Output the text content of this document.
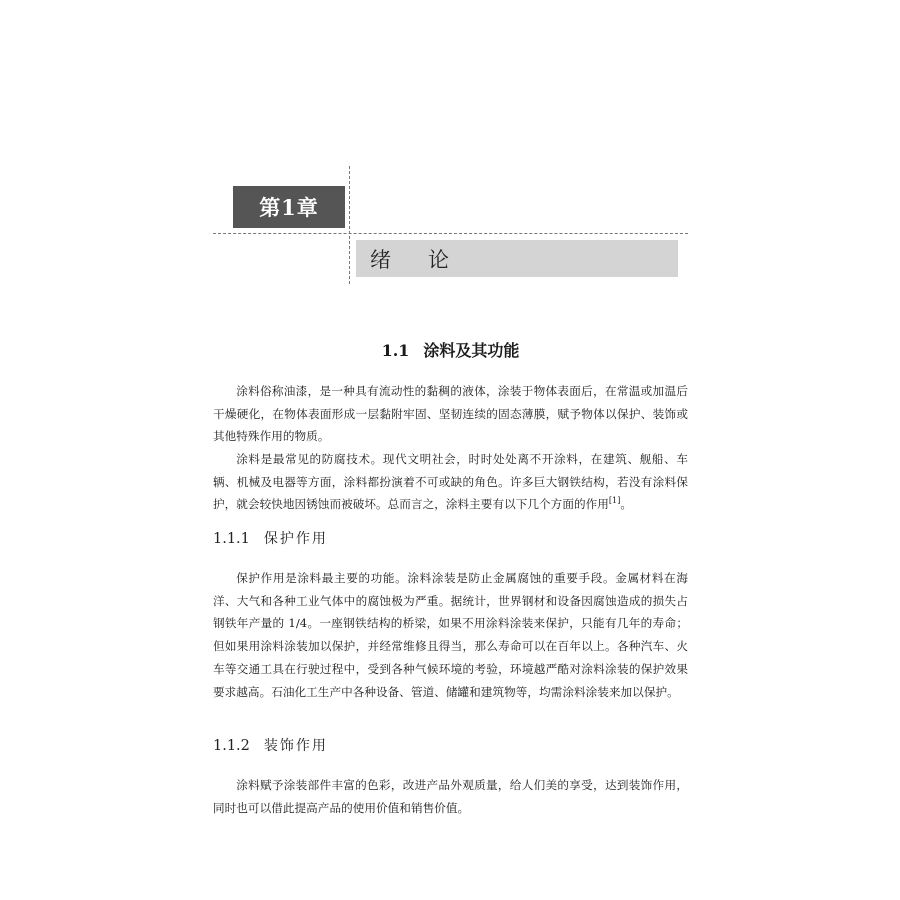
第1章
绪 论
1.1 涂料及其功能

涂料俗称油漆，是一种具有流动性的黏稠的液体，涂装于物体表面后，在常温或加温后干燥硬化，在物体表面形成一层黏附牢固、坚韧连续的固态薄膜，赋予物体以保护、装饰或其他特殊作用的物质。

涂料是最常见的防腐技术。现代文明社会，时时处处离不开涂料，在建筑、舰船、车辆、机械及电器等方面，涂料都扮演着不可或缺的角色。许多巨大钢铁结构，若没有涂料保护，就会较快地因锈蚀而被破坏。总而言之，涂料主要有以下几个方面的作用[1]。

1.1.1 保护作用

保护作用是涂料最主要的功能。涂料涂装是防止金属腐蚀的重要手段。金属材料在海洋、大气和各种工业气体中的腐蚀极为严重。据统计，世界钢材和设备因腐蚀造成的损失占钢铁年产量的 1/4。一座钢铁结构的桥梁，如果不用涂料涂装来保护，只能有几年的寿命；但如果用涂料涂装加以保护，并经常维修且得当，那么寿命可以在百年以上。各种汽车、火车等交通工具在行驶过程中，受到各种气候环境的考验，环境越严酷对涂料涂装的保护效果要求越高。石油化工生产中各种设备、管道、储罐和建筑物等，均需涂料涂装来加以保护。

1.1.2 装饰作用

涂料赋予涂装部件丰富的色彩，改进产品外观质量，给人们美的享受，达到装饰作用，同时也可以借此提高产品的使用价值和销售价值。
